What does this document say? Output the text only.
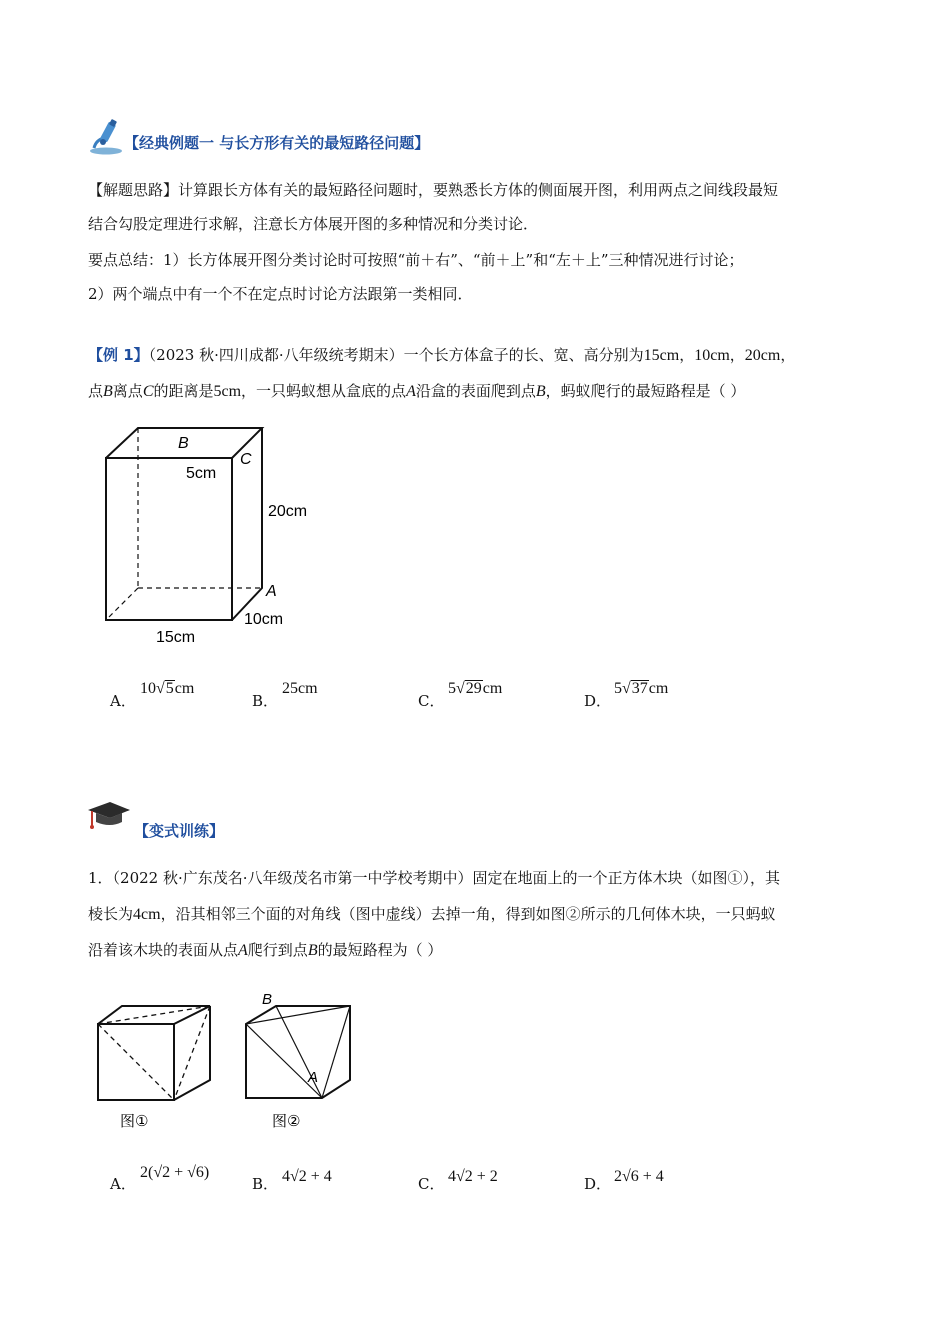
【经典例题一 与长方形有关的最短路径问题】
【解题思路】计算跟长方体有关的最短路径问题时，要熟悉长方体的侧面展开图，利用两点之间线段最短
结合勾股定理进行求解，注意长方体展开图的多种情况和分类讨论．
要点总结：1）长方体展开图分类讨论时可按照“前＋右”、“前＋上”和“左＋上”三种情况进行讨论；
2）两个端点中有一个不在定点时讨论方法跟第一类相同．
【例 1】（2023 秋·四川成都·八年级统考期末）一个长方体盒子的长、宽、高分别为15cm，10cm，20cm，
点B离点C的距离是5cm，一只蚂蚁想从盒底的点A沿盒的表面爬到点B，蚂蚁爬行的最短路程是（ ）
B
C
5cm
20cm
A
10cm
15cm
A．
10√5cm
B．
25cm
C．
5√29cm
D．
5√37cm
【变式训练】
1．（2022 秋·广东茂名·八年级茂名市第一中学校考期中）固定在地面上的一个正方体木块（如图①），其
棱长为4cm，沿其相邻三个面的对角线（图中虚线）去掉一角，得到如图②所示的几何体木块，一只蚂蚁
沿着该木块的表面从点A爬行到点B的最短路程为（ ）
图①
B
A
图②
A．
2(√2 + √6)
B． 4√2 + 4	C． 4√2 + 2	D． 2√6 + 4
